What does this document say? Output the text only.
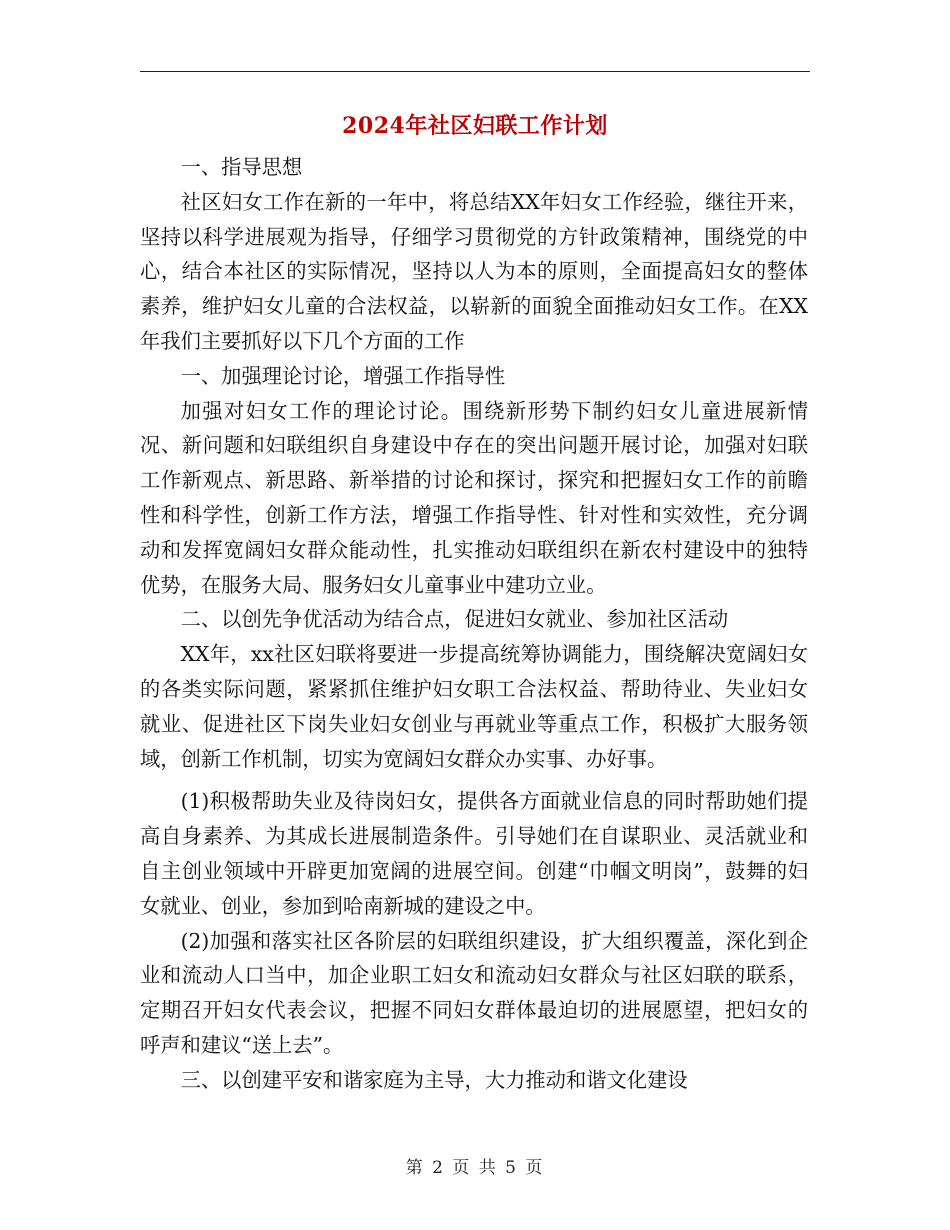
2024年社区妇联工作计划

一、指导思想

社区妇女工作在新的一年中，将总结XX年妇女工作经验，继往开来，坚持以科学进展观为指导，仔细学习贯彻党的方针政策精神，围绕党的中心，结合本社区的实际情况，坚持以人为本的原则，全面提高妇女的整体素养，维护妇女儿童的合法权益，以崭新的面貌全面推动妇女工作。在XX年我们主要抓好以下几个方面的工作

一、加强理论讨论，增强工作指导性

加强对妇女工作的理论讨论。围绕新形势下制约妇女儿童进展新情况、新问题和妇联组织自身建设中存在的突出问题开展讨论，加强对妇联工作新观点、新思路、新举措的讨论和探讨，探究和把握妇女工作的前瞻性和科学性，创新工作方法，增强工作指导性、针对性和实效性，充分调动和发挥宽阔妇女群众能动性，扎实推动妇联组织在新农村建设中的独特优势，在服务大局、服务妇女儿童事业中建功立业。

二、以创先争优活动为结合点，促进妇女就业、参加社区活动

XX年，xx社区妇联将要进一步提高统筹协调能力，围绕解决宽阔妇女的各类实际问题，紧紧抓住维护妇女职工合法权益、帮助待业、失业妇女就业、促进社区下岗失业妇女创业与再就业等重点工作，积极扩大服务领域，创新工作机制，切实为宽阔妇女群众办实事、办好事。

(1)积极帮助失业及待岗妇女，提供各方面就业信息的同时帮助她们提高自身素养、为其成长进展制造条件。引导她们在自谋职业、灵活就业和自主创业领域中开辟更加宽阔的进展空间。创建“巾帼文明岗”，鼓舞的妇女就业、创业，参加到哈南新城的建设之中。

(2)加强和落实社区各阶层的妇联组织建设，扩大组织覆盖，深化到企业和流动人口当中，加企业职工妇女和流动妇女群众与社区妇联的联系，定期召开妇女代表会议，把握不同妇女群体最迫切的进展愿望，把妇女的呼声和建议“送上去”。

三、以创建平安和谐家庭为主导，大力推动和谐文化建设

第 2 页 共 5 页
